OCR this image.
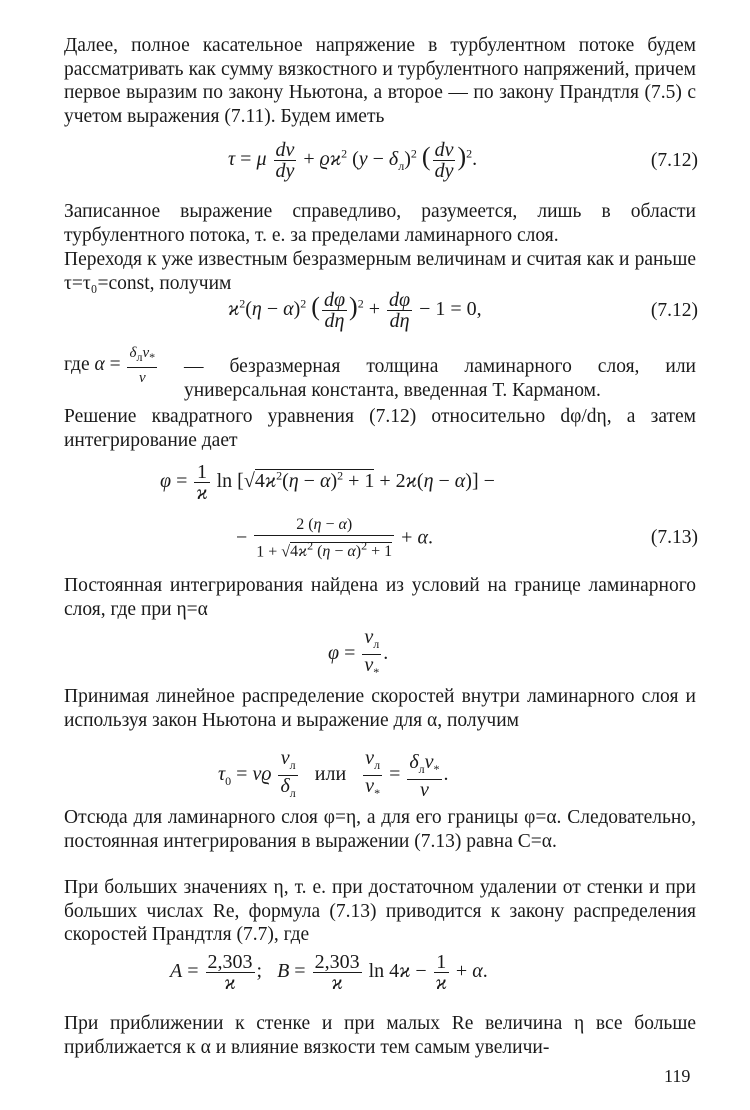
Далее, полное касательное напряжение в турбулентном потоке будем рассматривать как сумму вязкостного и турбулентного напряжений, причем первое выразим по закону Ньютона, а второе — по закону Прандтля (7.5) с учетом выражения (7.11). Будем иметь
τ = μ $\frac{dv}{dy} + ϱϰ^2$ $(y - \delta_л)^2$ ( $\frac{dv}{dy} )^2$.	(7.12)
Записанное выражение справедливо, разумеется, лишь в области турбулентного потока, т. е. за пределами ламинарного слоя.
Переходя к уже известным безразмерным величинам и считая как и раньше τ=τ₀=const, получим
$ϰ^2(\eta - \alpha)^2$ ( $\frac{d\varphi}{d\eta} )^2 + \frac{d\varphi}{d\eta} - 1 = 0$,	(7.12)
где $\alpha = \frac{\delta_лv_*}{\nu}$ — безразмерная толщина ламинарного слоя, или универсальная константа, введенная Т. Карманом.
Решение квадратного уравнения (7.12) относительно dφ/dη, а затем интегрирование дает
$\varphi = \frac{1}{ϰ}$ $\ln [√4ϰ^2(\eta - \alpha)^2 + 1 + 2ϰ(\eta - \alpha)]$ −
− $\frac{2 (\eta - \alpha)}{1 + √4ϰ^2 (\eta - \alpha)^2 + 1} + \alpha$.	(7.13)
Постоянная интегрирования найдена из условий на границе ламинарного слоя, где при η=α
$\varphi = \frac{v_л}{v_*}$ .
Принимая линейное распределение скоростей внутри ламинарного слоя и используя закон Ньютона и выражение для α, получим
$\tau_0 = \nu ϱ \frac{v_л}{\delta_л}$ или $\frac{v_л}{v_*} = \frac{\delta_лv_*}{\nu}$ .
Отсюда для ламинарного слоя φ=η, а для его границы φ=α. Следовательно, постоянная интегрирования в выражении (7.13) равна C=α.
При больших значениях η, т. е. при достаточном удалении от стенки и при больших числах Re, формула (7.13) приводится к закону распределения скоростей Прандтля (7.7), где
$A = \frac{2,303}{ϰ}$ ;   $B = \frac{2,303}{ϰ}$ $\ln 4ϰ - \frac{1}{ϰ} + \alpha$.
При приближении к стенке и при малых Re величина η все больше приближается к α и влияние вязкости тем самым увеличи-
119
